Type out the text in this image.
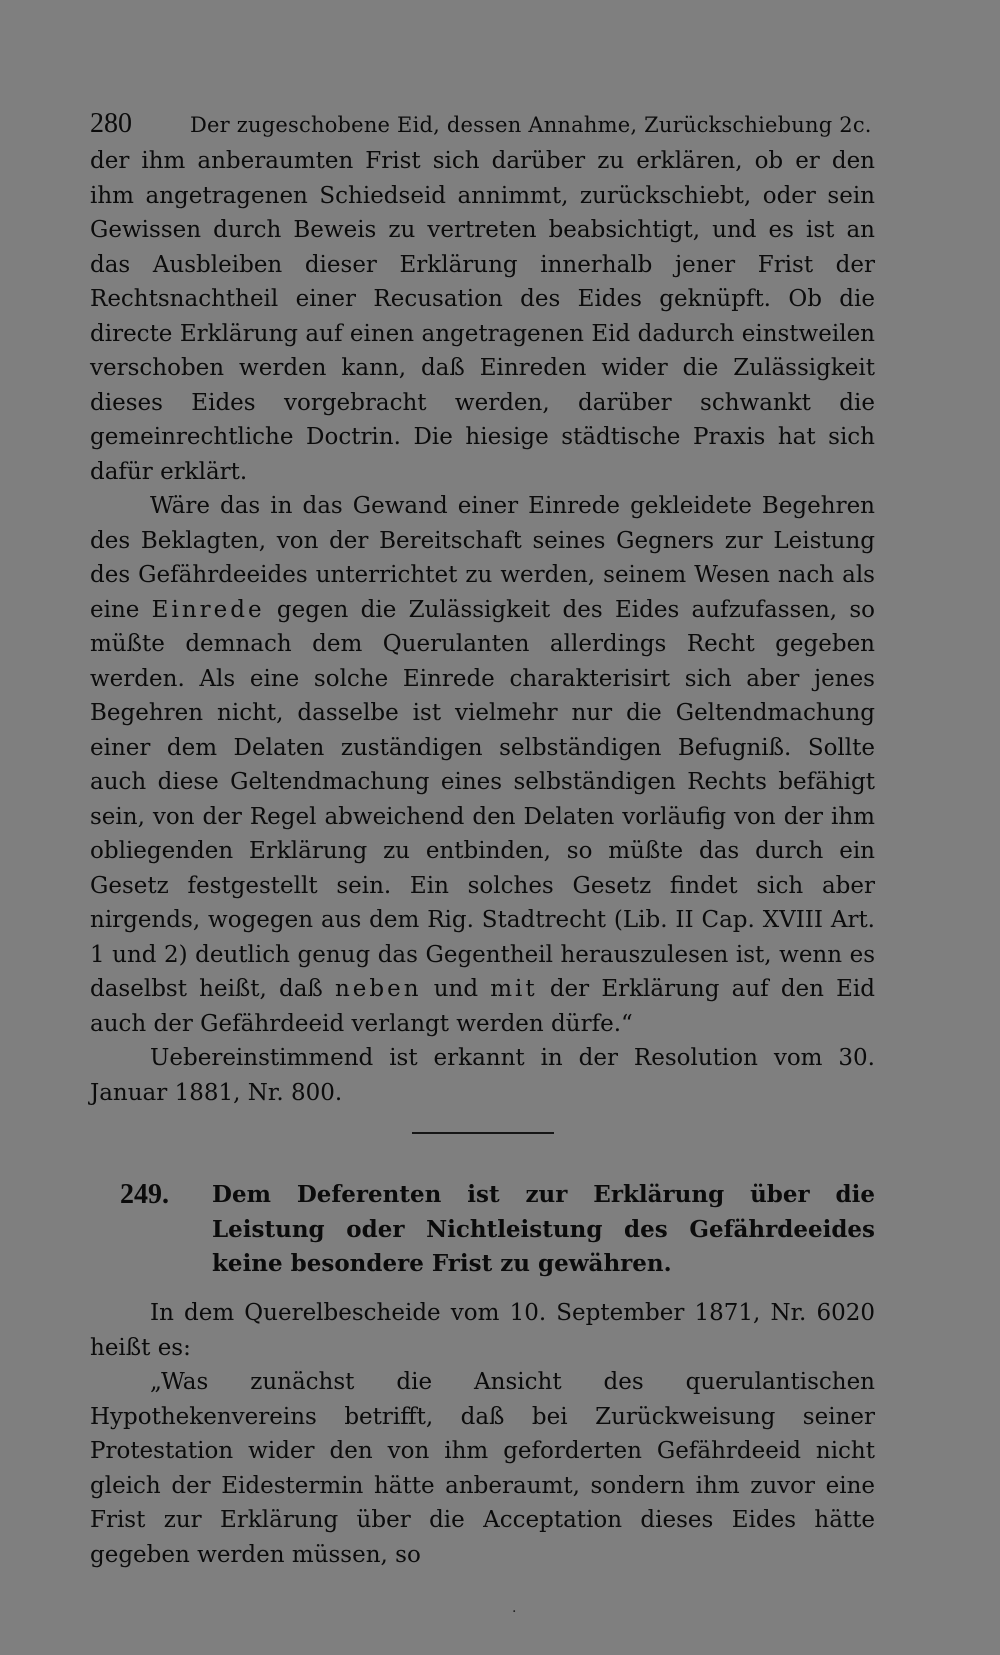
280	Der zugeschobene Eid, dessen Annahme, Zurückschiebung 2c.

der ihm anberaumten Frist sich darüber zu erklären, ob er den ihm angetragenen Schiedseid annimmt, zurückschiebt, oder sein Gewissen durch Beweis zu vertreten beabsichtigt, und es ist an das Ausbleiben dieser Erklärung innerhalb jener Frist der Rechtsnachtheil einer Recusation des Eides geknüpft. Ob die directe Erklärung auf einen angetragenen Eid dadurch einstweilen verschoben werden kann, daß Einreden wider die Zulässigkeit dieses Eides vorgebracht werden, darüber schwankt die gemeinrechtliche Doctrin. Die hiesige städtische Praxis hat sich dafür erklärt.

Wäre das in das Gewand einer Einrede gekleidete Begehren des Beklagten, von der Bereitschaft seines Gegners zur Leistung des Gefährdeeides unterrichtet zu werden, seinem Wesen nach als eine Einrede gegen die Zulässigkeit des Eides aufzufassen, so müßte demnach dem Querulanten allerdings Recht gegeben werden. Als eine solche Einrede charakterisirt sich aber jenes Begehren nicht, dasselbe ist vielmehr nur die Geltendmachung einer dem Delaten zuständigen selbständigen Befugniß. Sollte auch diese Geltendmachung eines selbständigen Rechts befähigt sein, von der Regel abweichend den Delaten vorläufig von der ihm obliegenden Erklärung zu entbinden, so müßte das durch ein Gesetz festgestellt sein. Ein solches Gesetz findet sich aber nirgends, wogegen aus dem Rig. Stadtrecht (Lib. II Cap. XVIII Art. 1 und 2) deutlich genug das Gegentheil herauszulesen ist, wenn es daselbst heißt, daß neben und mit der Erklärung auf den Eid auch der Gefährdeeid verlangt werden dürfe.“

Uebereinstimmend ist erkannt in der Resolution vom 30. Januar 1881, Nr. 800.

249. Dem Deferenten ist zur Erklärung über die Leistung oder Nichtleistung des Gefährdeeides keine besondere Frist zu gewähren.

In dem Querelbescheide vom 10. September 1871, Nr. 6020 heißt es:

„Was zunächst die Ansicht des querulantischen Hypothekenvereins betrifft, daß bei Zurückweisung seiner Protestation wider den von ihm geforderten Gefährdeeid nicht gleich der Eidestermin hätte anberaumt, sondern ihm zuvor eine Frist zur Erklärung über die Acceptation dieses Eides hätte gegeben werden müssen, so

·
